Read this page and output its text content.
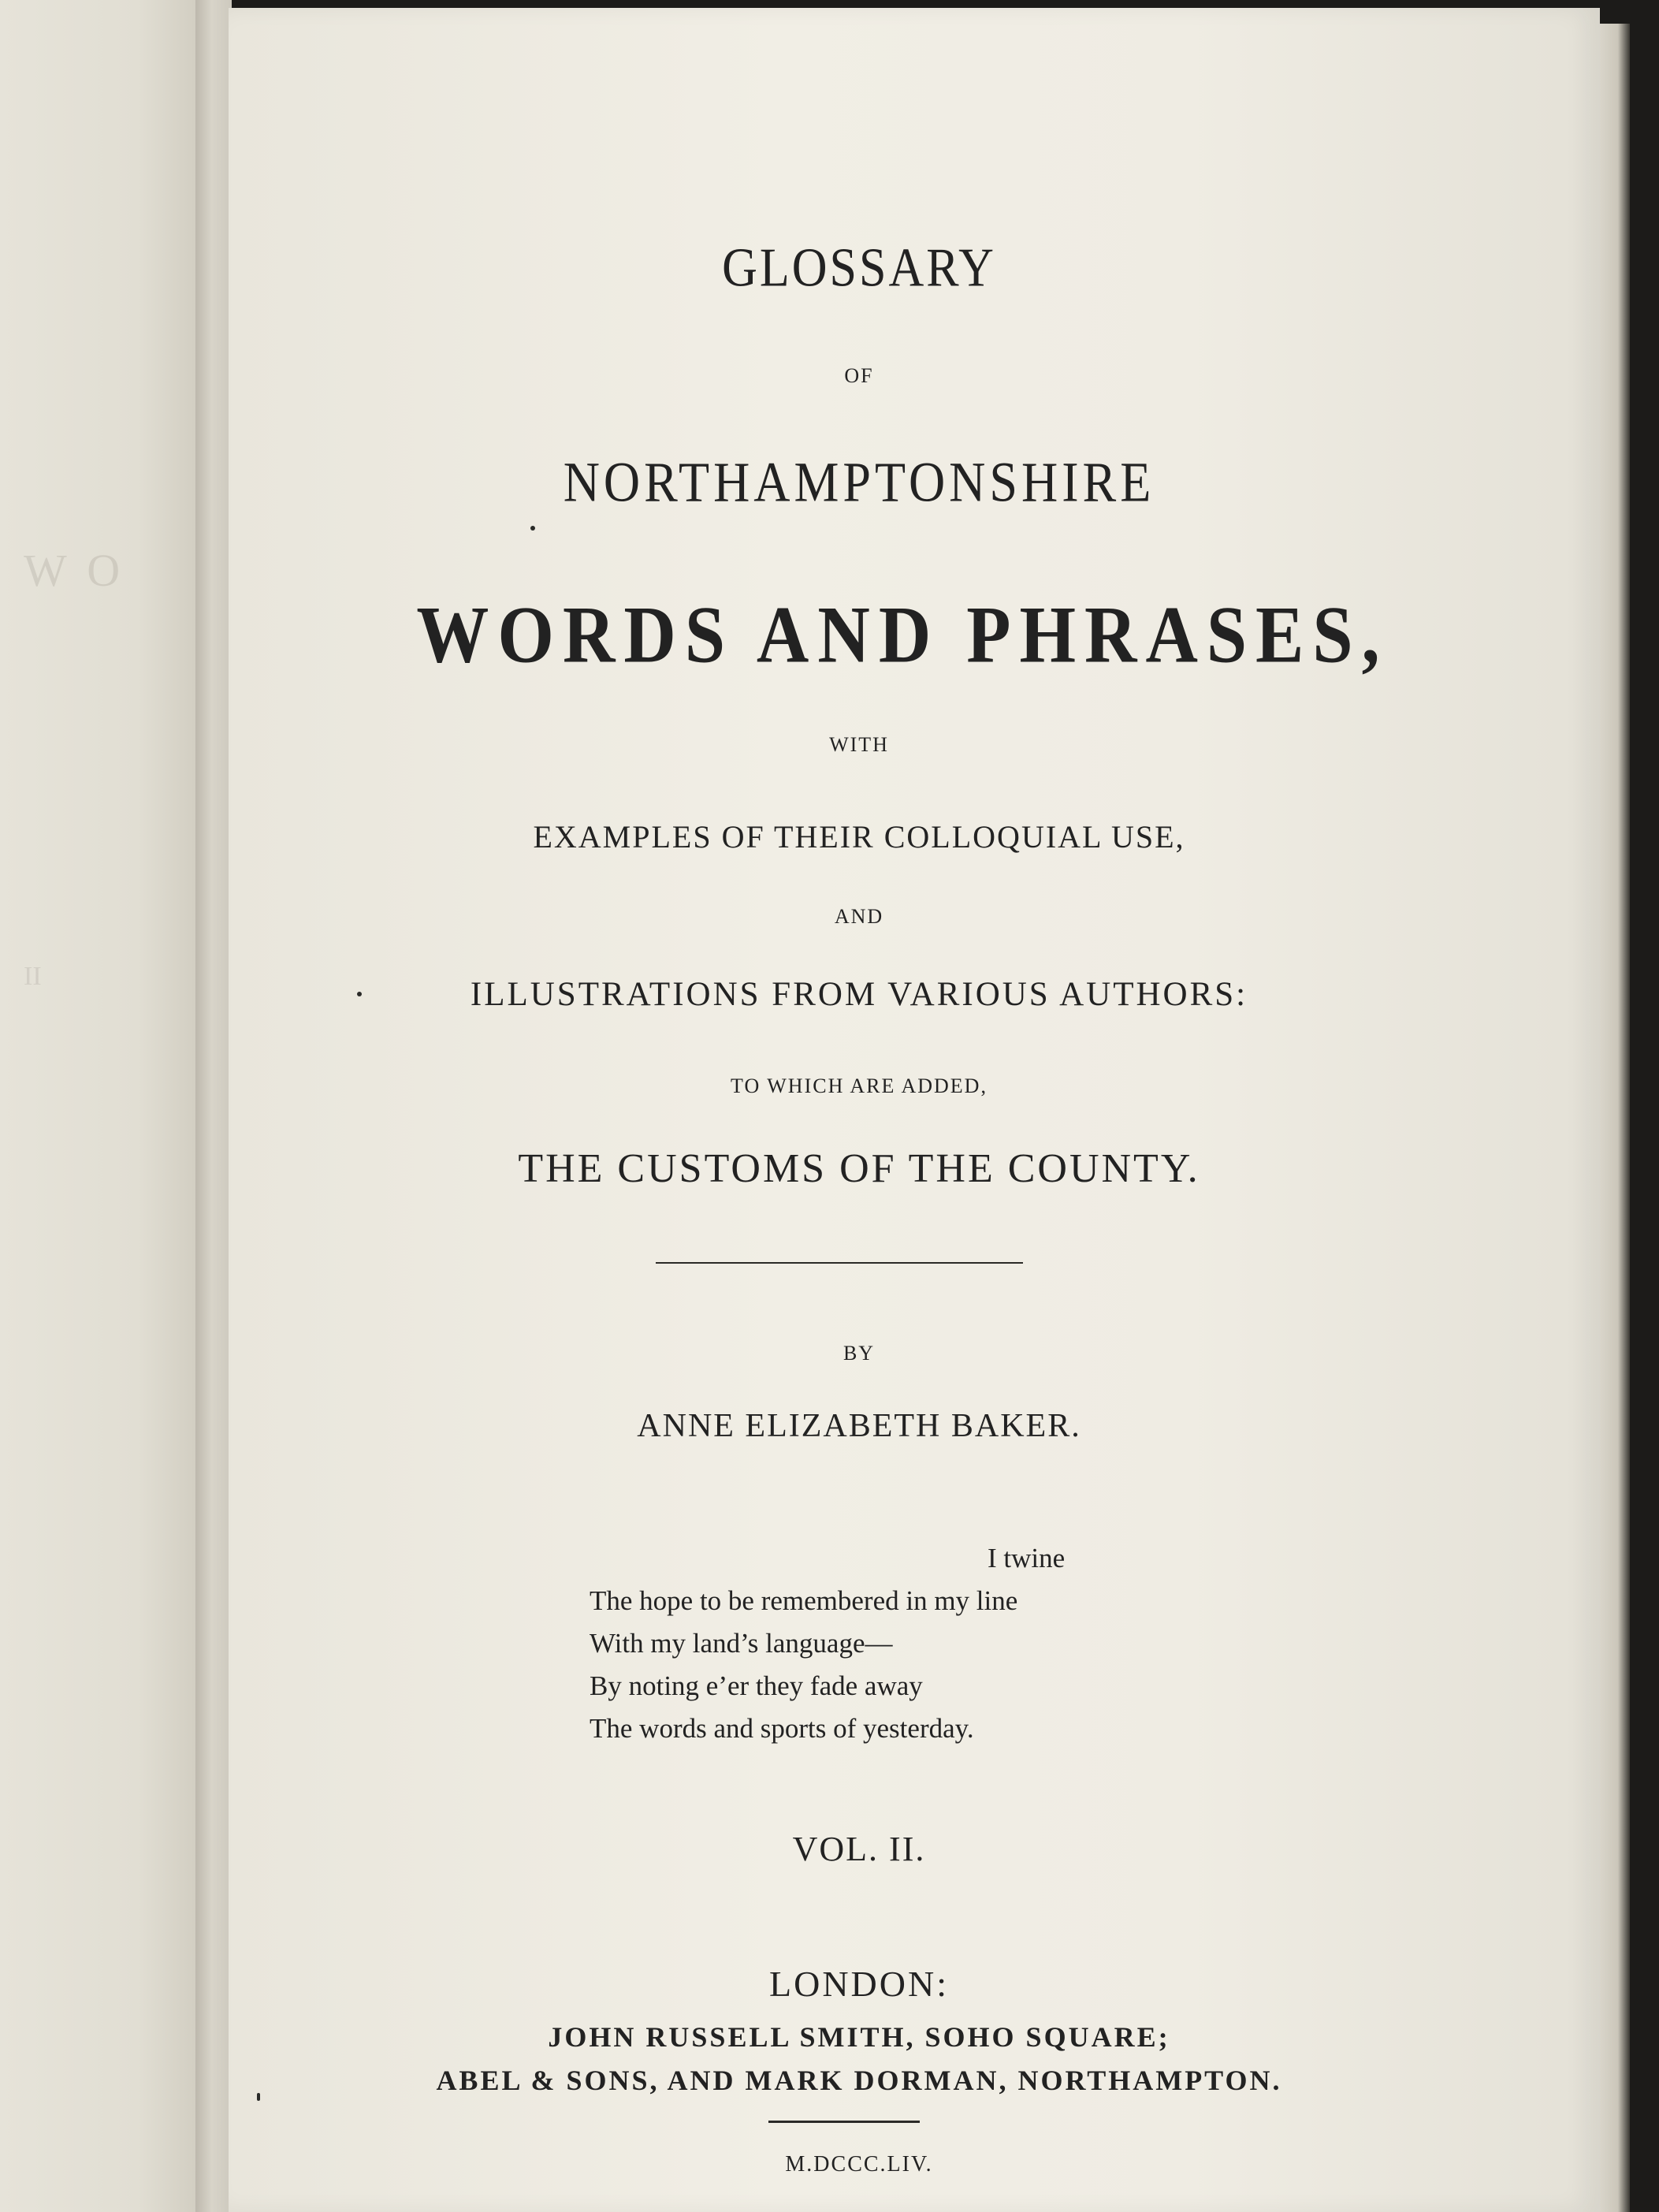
W O
II
GLOSSARY
OF
NORTHAMPTONSHIRE
WORDS AND PHRASES,
WITH
EXAMPLES OF THEIR COLLOQUIAL USE,
AND
ILLUSTRATIONS FROM VARIOUS AUTHORS:
TO WHICH ARE ADDED,
THE CUSTOMS OF THE COUNTY.
BY
ANNE ELIZABETH BAKER.
I twine
The hope to be remembered in my line
With my land’s language—
By noting e’er they fade away
The words and sports of yesterday.
VOL. II.
LONDON:
JOHN RUSSELL SMITH, SOHO SQUARE;
ABEL & SONS, AND MARK DORMAN, NORTHAMPTON.
M.DCCC.LIV.
